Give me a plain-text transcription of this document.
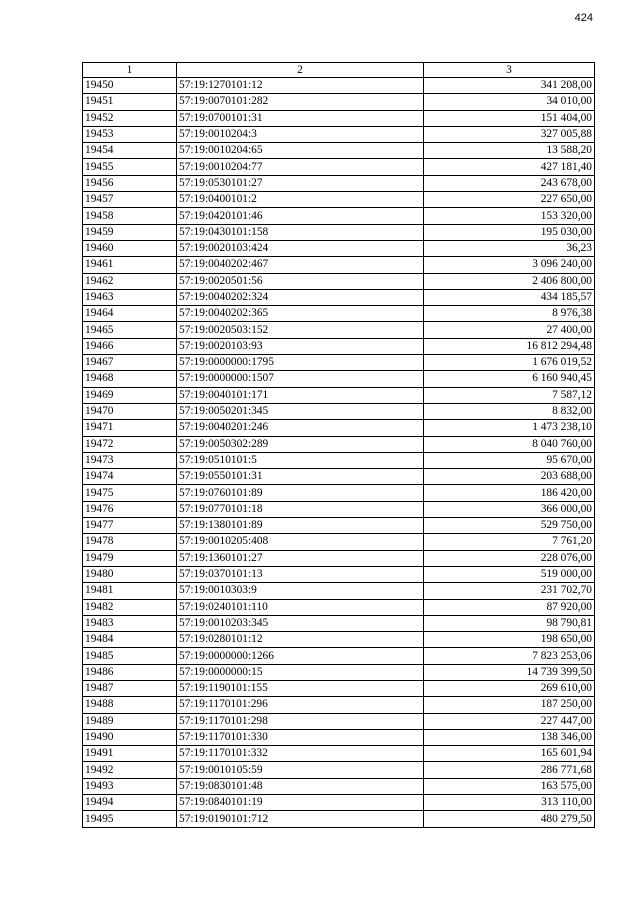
424
1	2	3
19450	57:19:1270101:12	341 208,00
19451	57:19:0070101:282	34 010,00
19452	57:19:0700101:31	151 404,00
19453	57:19:0010204:3	327 005,88
19454	57:19:0010204:65	13 588,20
19455	57:19:0010204:77	427 181,40
19456	57:19:0530101:27	243 678,00
19457	57:19:0400101:2	227 650,00
19458	57:19:0420101:46	153 320,00
19459	57:19:0430101:158	195 030,00
19460	57:19:0020103:424	36,23
19461	57:19:0040202:467	3 096 240,00
19462	57:19:0020501:56	2 406 800,00
19463	57:19:0040202:324	434 185,57
19464	57:19:0040202:365	8 976,38
19465	57:19:0020503:152	27 400,00
19466	57:19:0020103:93	16 812 294,48
19467	57:19:0000000:1795	1 676 019,52
19468	57:19:0000000:1507	6 160 940,45
19469	57:19:0040101:171	7 587,12
19470	57:19:0050201:345	8 832,00
19471	57:19:0040201:246	1 473 238,10
19472	57:19:0050302:289	8 040 760,00
19473	57:19:0510101:5	95 670,00
19474	57:19:0550101:31	203 688,00
19475	57:19:0760101:89	186 420,00
19476	57:19:0770101:18	366 000,00
19477	57:19:1380101:89	529 750,00
19478	57:19:0010205:408	7 761,20
19479	57:19:1360101:27	228 076,00
19480	57:19:0370101:13	519 000,00
19481	57:19:0010303:9	231 702,70
19482	57:19:0240101:110	87 920,00
19483	57:19:0010203:345	98 790,81
19484	57:19:0280101:12	198 650,00
19485	57:19:0000000:1266	7 823 253,06
19486	57:19:0000000:15	14 739 399,50
19487	57:19:1190101:155	269 610,00
19488	57:19:1170101:296	187 250,00
19489	57:19:1170101:298	227 447,00
19490	57:19:1170101:330	138 346,00
19491	57:19:1170101:332	165 601,94
19492	57:19:0010105:59	286 771,68
19493	57:19:0830101:48	163 575,00
19494	57:19:0840101:19	313 110,00
19495	57:19:0190101:712	480 279,50
